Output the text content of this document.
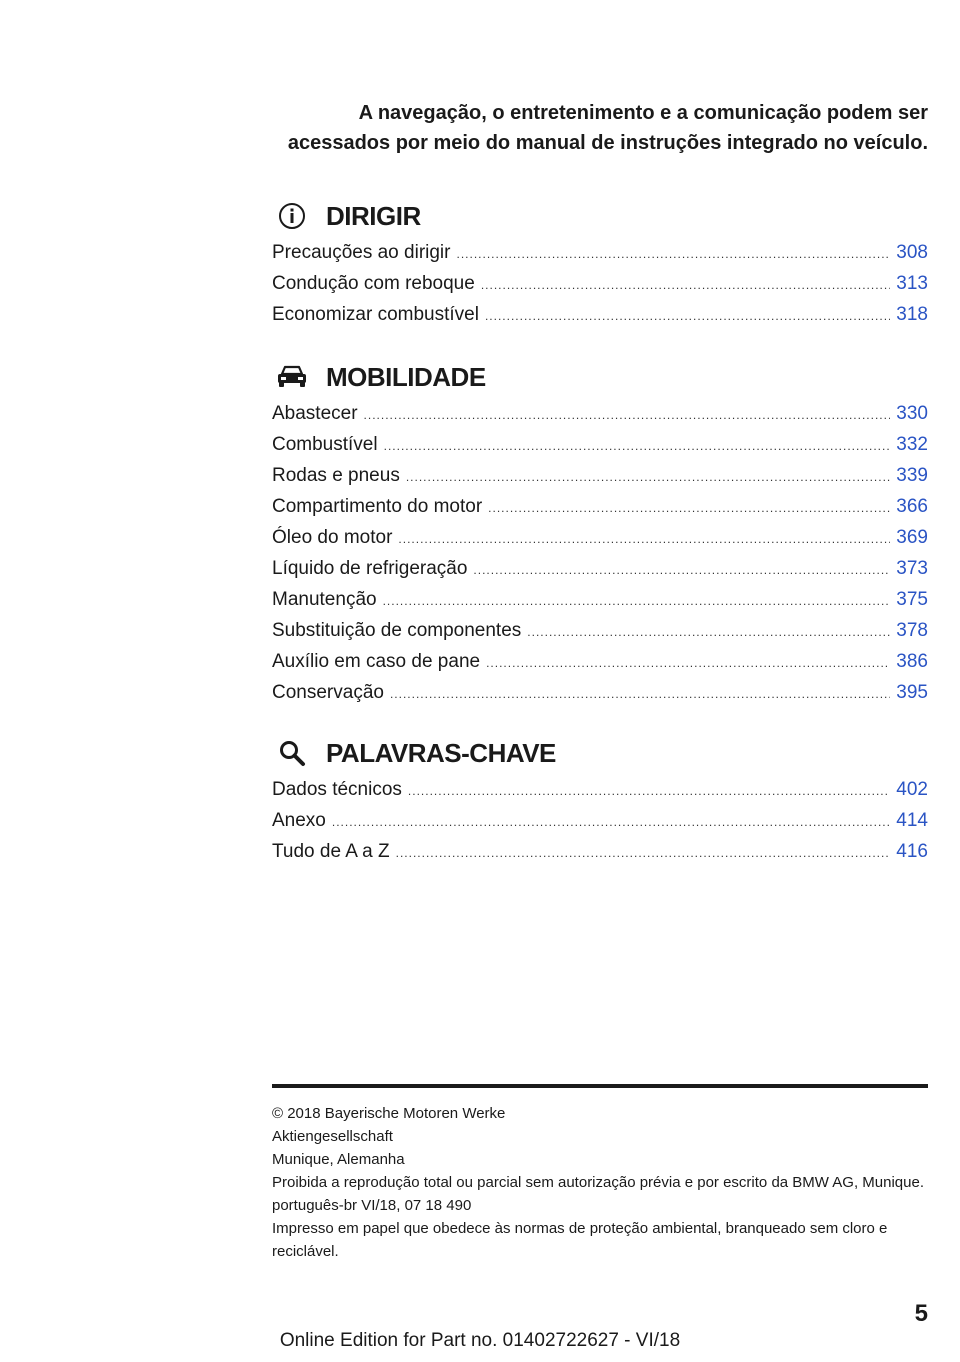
A navegação, o entretenimento e a comunicação podem ser
acessados por meio do manual de instruções integrado no veículo.
DIRIGIR
Precauções ao dirigir .....	308
Condução com reboque .....	313
Economizar combustível .....	318
MOBILIDADE
Abastecer .....	330
Combustível .....	332
Rodas e pneus .....	339
Compartimento do motor .....	366
Óleo do motor .....	369
Líquido de refrigeração .....	373
Manutenção .....	375
Substituição de componentes .....	378
Auxílio em caso de pane .....	386
Conservação .....	395
PALAVRAS-CHAVE
Dados técnicos .....	402
Anexo .....	414
Tudo de A a Z .....	416
© 2018 Bayerische Motoren Werke
Aktiengesellschaft
Munique, Alemanha
Proibida a reprodução total ou parcial sem autorização prévia e por escrito da BMW AG, Munique.
português-br VI/18, 07 18 490
Impresso em papel que obedece às normas de proteção ambiental, branqueado sem cloro e reciclável.
5
Online Edition for Part no. 01402722627 - VI/18
